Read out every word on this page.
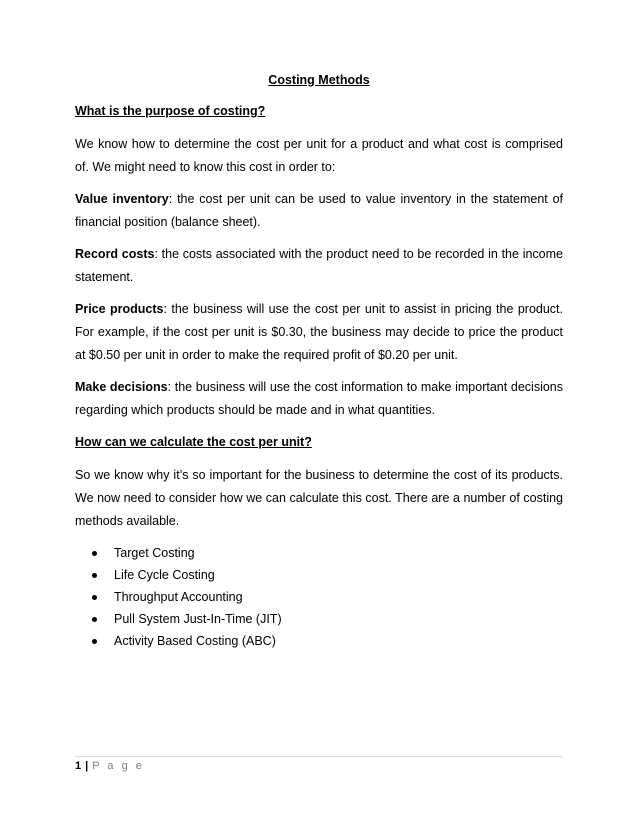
Costing Methods
What is the purpose of costing?

We know how to determine the cost per unit for a product and what cost is comprised of. We might need to know this cost in order to:

Value inventory: the cost per unit can be used to value inventory in the statement of financial position (balance sheet).

Record costs: the costs associated with the product need to be recorded in the income statement.

Price products: the business will use the cost per unit to assist in pricing the product. For example, if the cost per unit is $0.30, the business may decide to price the product at $0.50 per unit in order to make the required profit of $0.20 per unit.

Make decisions: the business will use the cost information to make important decisions regarding which products should be made and in what quantities.

How can we calculate the cost per unit?

So we know why it’s so important for the business to determine the cost of its products. We now need to consider how we can calculate this cost. There are a number of costing methods available.

Target Costing
Life Cycle Costing
Throughput Accounting
Pull System Just-In-Time (JIT)
Activity Based Costing (ABC)
1 | P a g e
